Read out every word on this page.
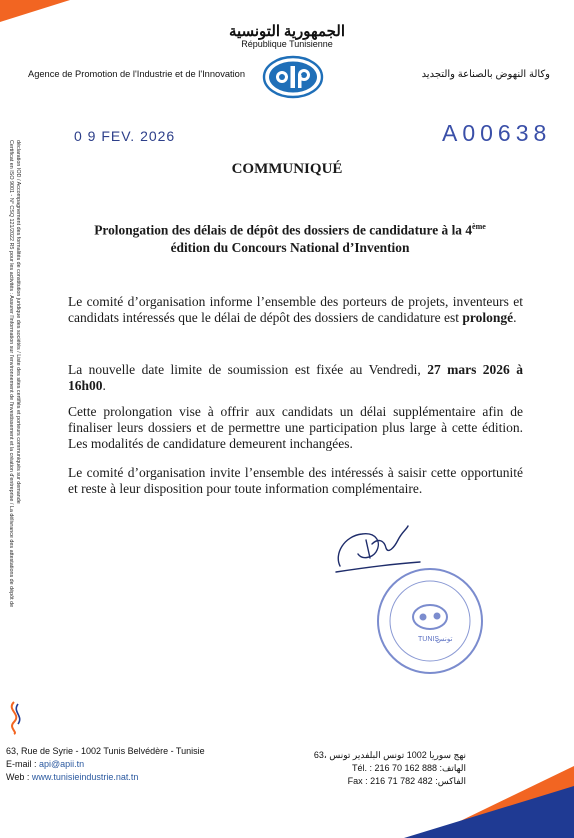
الجمهورية التونسية
République Tunisienne
Agence de Promotion de l'Industrie et de l'Innovation	وكالة النهوض بالصناعة والتجديد
0 9 FEV. 2026	A00638
Certificat en ISO 9001 - N° CSQ 121/2022 R5 pour les activités : Assurer l'information sur l'environnement de l'investissement et la création d'entreprise / La délivrance des attestations de dépôt de déclaration IOD / Accompagnement des formalités de constitution juridique des sociétés / Liste des sites certifiés et porteurs communiqués sur demande	COMMUNIQUÉ
Prolongation des délais de dépôt des dossiers de candidature à la 4ème
édition du Concours National d’Invention
Le comité d’organisation informe l’ensemble des porteurs de projets, inventeurs et candidats intéressés que le délai de dépôt des dossiers de candidature est prolongé.
La nouvelle date limite de soumission est fixée au Vendredi, 27 mars 2026 à 16h00.
Cette prolongation vise à offrir aux candidats un délai supplémentaire afin de finaliser leurs dossiers et de permettre une participation plus large à cette édition. Les modalités de candidature demeurent inchangées.
Le comité d’organisation invite l’ensemble des intéressés à saisir cette opportunité et reste à leur disposition pour toute information complémentaire.
TUNIS
تونس
63, Rue de Syrie - 1002 Tunis Belvédère - Tunisie
E-mail : api@apii.tn
Web : www.tunisieindustrie.nat.tn
63، نهج سوريا 1002 تونس البلفدير تونس
Tél. : 216 70 162 888 :الهاتف
Fax : 216 71 782 482 :الفاكس
